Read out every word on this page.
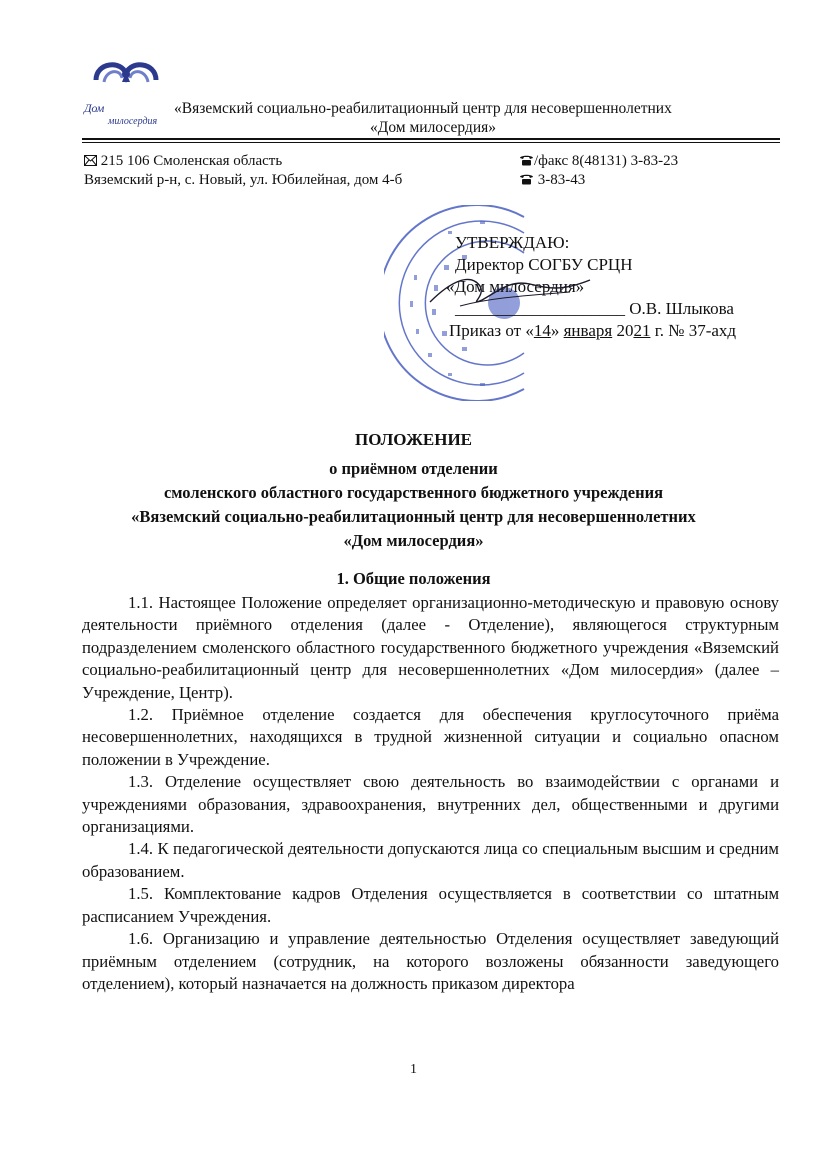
Дом
милосердия
«Вяземский социально-реабилитационный центр для несовершеннолетних
«Дом милосердия»
215 106 Смоленская область
Вяземский р-н, с. Новый, ул. Юбилейная, дом 4-б
/факс 8(48131) 3-83-23
3-83-43
УТВЕРЖДАЮ:
Директор СОГБУ СРЦН
«Дом милосердия»
____________________ О.В. Шлыкова
Приказ от «14» января 2021 г. № 37-ахд
ПОЛОЖЕНИЕ
о приёмном отделении
смоленского областного государственного бюджетного учреждения
«Вяземский социально-реабилитационный центр для несовершеннолетних
«Дом милосердия»
1. Общие положения

1.1. Настоящее Положение определяет организационно-методическую и правовую основу деятельности приёмного отделения (далее - Отделение), являющегося структурным подразделением смоленского областного государственного бюджетного учреждения «Вяземский социально-реабилитационный центр для несовершеннолетних «Дом милосердия» (далее – Учреждение, Центр).

1.2. Приёмное отделение создается для обеспечения круглосуточного приёма несовершеннолетних, находящихся в трудной жизненной ситуации и социально опасном положении в Учреждение.

1.3. Отделение осуществляет свою деятельность во взаимодействии с органами и учреждениями образования, здравоохранения, внутренних дел, общественными и другими организациями.

1.4. К педагогической деятельности допускаются лица со специальным высшим и средним образованием.

1.5. Комплектование кадров Отделения осуществляется в соответствии со штатным расписанием Учреждения.

1.6. Организацию и управление деятельностью Отделения осуществляет заведующий приёмным отделением (сотрудник, на которого возложены обязанности заведующего отделением), который назначается на должность приказом директора

1
